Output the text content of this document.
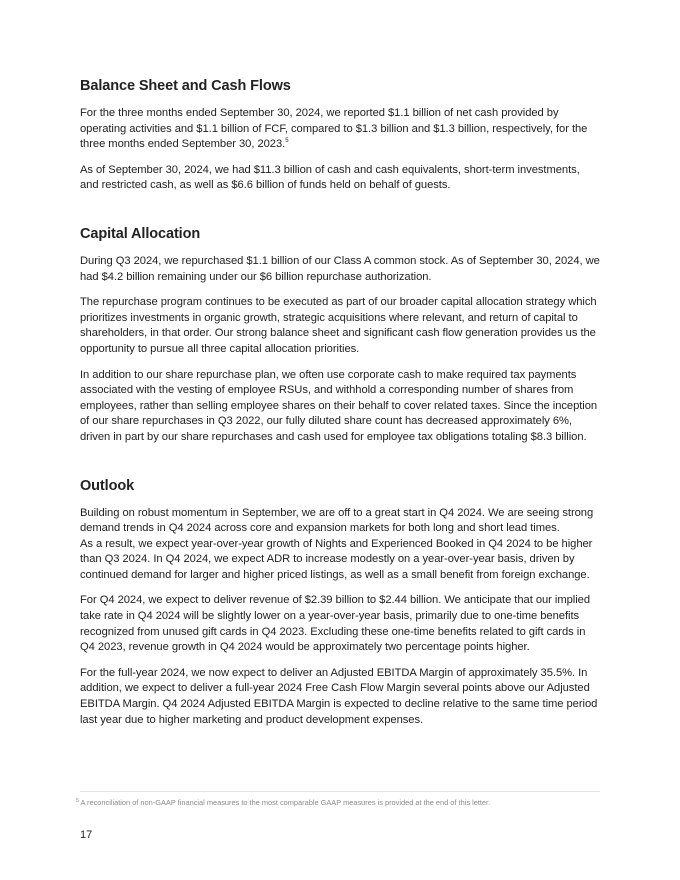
Balance Sheet and Cash Flows

For the three months ended September 30, 2024, we reported $1.1 billion of net cash provided by operating activities and $1.1 billion of FCF, compared to $1.3 billion and $1.3 billion, respectively, for the three months ended September 30, 2023.$^5$

As of September 30, 2024, we had $11.3 billion of cash and cash equivalents, short-term investments, and restricted cash, as well as $6.6 billion of funds held on behalf of guests.

Capital Allocation

During Q3 2024, we repurchased $1.1 billion of our Class A common stock. As of September 30, 2024, we had $4.2 billion remaining under our $6 billion repurchase authorization.

The repurchase program continues to be executed as part of our broader capital allocation strategy which prioritizes investments in organic growth, strategic acquisitions where relevant, and return of capital to shareholders, in that order. Our strong balance sheet and significant cash flow generation provides us the opportunity to pursue all three capital allocation priorities.

In addition to our share repurchase plan, we often use corporate cash to make required tax payments associated with the vesting of employee RSUs, and withhold a corresponding number of shares from employees, rather than selling employee shares on their behalf to cover related taxes. Since the inception of our share repurchases in Q3 2022, our fully diluted share count has decreased approximately 6%, driven in part by our share repurchases and cash used for employee tax obligations totaling $8.3 billion.

Outlook

Building on robust momentum in September, we are off to a great start in Q4 2024. We are seeing strong demand trends in Q4 2024 across core and expansion markets for both long and short lead times.
As a result, we expect year-over-year growth of Nights and Experienced Booked in Q4 2024 to be higher than Q3 2024. In Q4 2024, we expect ADR to increase modestly on a year-over-year basis, driven by continued demand for larger and higher priced listings, as well as a small benefit from foreign exchange.

For Q4 2024, we expect to deliver revenue of $2.39 billion to $2.44 billion. We anticipate that our implied take rate in Q4 2024 will be slightly lower on a year-over-year basis, primarily due to one-time benefits recognized from unused gift cards in Q4 2023. Excluding these one-time benefits related to gift cards in Q4 2023, revenue growth in Q4 2024 would be approximately two percentage points higher.

For the full-year 2024, we now expect to deliver an Adjusted EBITDA Margin of approximately 35.5%. In addition, we expect to deliver a full-year 2024 Free Cash Flow Margin several points above our Adjusted EBITDA Margin. Q4 2024 Adjusted EBITDA Margin is expected to decline relative to the same time period last year due to higher marketing and product development expenses.

$^5$ A reconciliation of non-GAAP financial measures to the most comparable GAAP measures is provided at the end of this letter.
17
